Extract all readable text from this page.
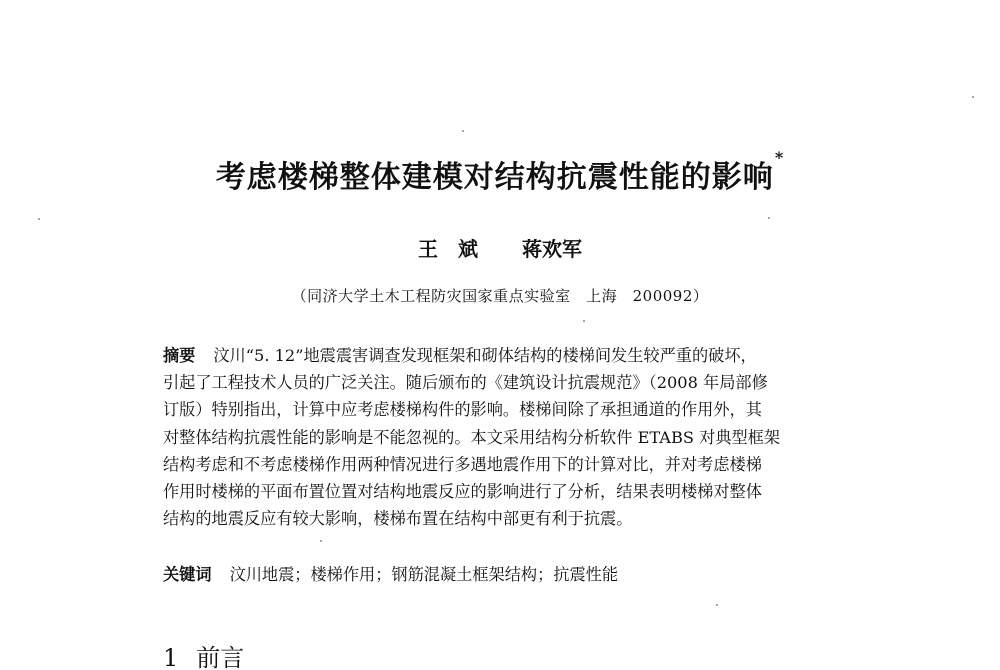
考虑楼梯整体建模对结构抗震性能的影响*
王　斌 蒋欢军
（同济大学土木工程防灾国家重点实验室　上海　200092）
摘要 汶川“5. 12”地震震害调查发现框架和砌体结构的楼梯间发生较严重的破坏，
引起了工程技术人员的广泛关注。随后颁布的《建筑设计抗震规范》（2008 年局部修
订版）特别指出，计算中应考虑楼梯构件的影响。楼梯间除了承担通道的作用外，其
对整体结构抗震性能的影响是不能忽视的。本文采用结构分析软件 ETABS 对典型框架
结构考虑和不考虑楼梯作用两种情况进行多遇地震作用下的计算对比，并对考虑楼梯
作用时楼梯的平面布置位置对结构地震反应的影响进行了分析，结果表明楼梯对整体
结构的地震反应有较大影响，楼梯布置在结构中部更有利于抗震。
关键词 汶川地震；楼梯作用；钢筋混凝土框架结构；抗震性能
1 前言
